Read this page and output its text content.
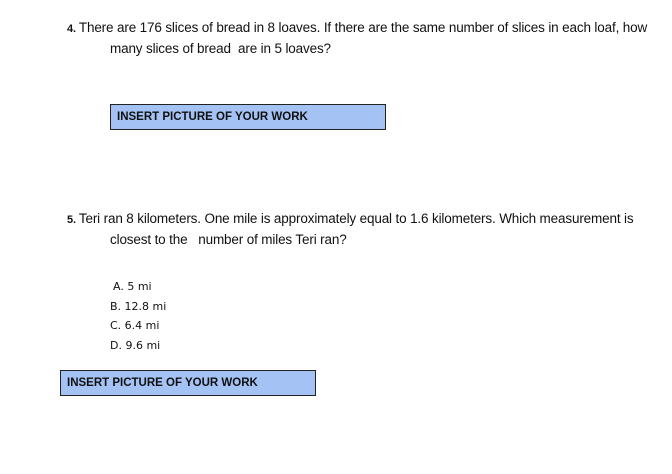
4. There are 176 slices of bread in 8 loaves. If there are the same number of slices in each loaf, how
many slices of bread  are in 5 loaves?
INSERT PICTURE OF YOUR WORK
5. Teri ran 8 kilometers. One mile is approximately equal to 1.6 kilometers. Which measurement is
closest to the   number of miles Teri ran?
A. 5 mi
B. 12.8 mi
C. 6.4 mi
D. 9.6 mi
INSERT PICTURE OF YOUR WORK
